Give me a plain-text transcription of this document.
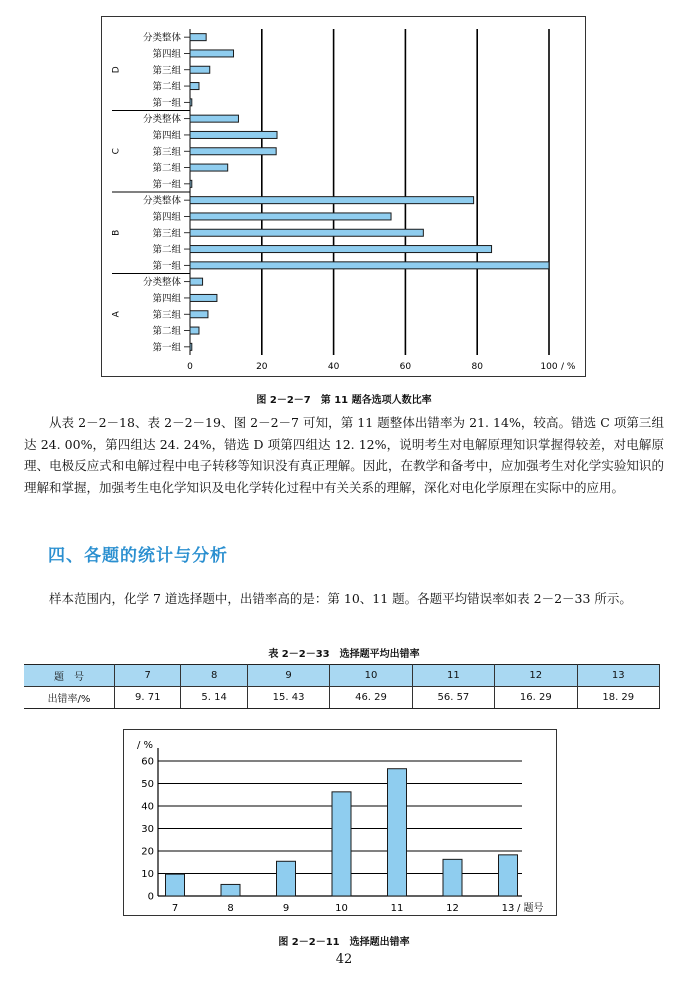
0	20	40	60	80	100 / %
D
分类整体
第四组
第三组
第二组
第一组
C
分类整体
第四组
第三组
第二组
第一组
B
分类整体
第四组
第三组
第二组
第一组
A
分类整体
第四组
第三组
第二组
第一组
图 2－2－7　第 11 题各选项人数比率

从表 2－2－18、表 2－2－19、图 2－2－7 可知，第 11 题整体出错率为 21. 14%，较高。错选 C 项第三组达 24. 00%，第四组达 24. 24%，错选 D 项第四组达 12. 12%，说明考生对电解原理知识掌握得较差，对电解原理、电极反应式和电解过程中电子转移等知识没有真正理解。因此，在教学和备考中，应加强考生对化学实验知识的理解和掌握，加强考生电化学知识及电化学转化过程中有关关系的理解，深化对电化学原理在实际中的应用。

四、各题的统计与分析

样本范围内，化学 7 道选择题中，出错率高的是：第 10、11 题。各题平均错误率如表 2－2－33 所示。

表 2－2－33　选择题平均出错率
题　号	7	8	9	10	11	12	13
出错率/%	9. 71	5. 14	15. 43	46. 29	56. 57	16. 29	18. 29
0
10
20
30
40
50
60
/ %
7	8	9	10	11	12	13 / 题号
图 2－2－11　选择题出错率
42
